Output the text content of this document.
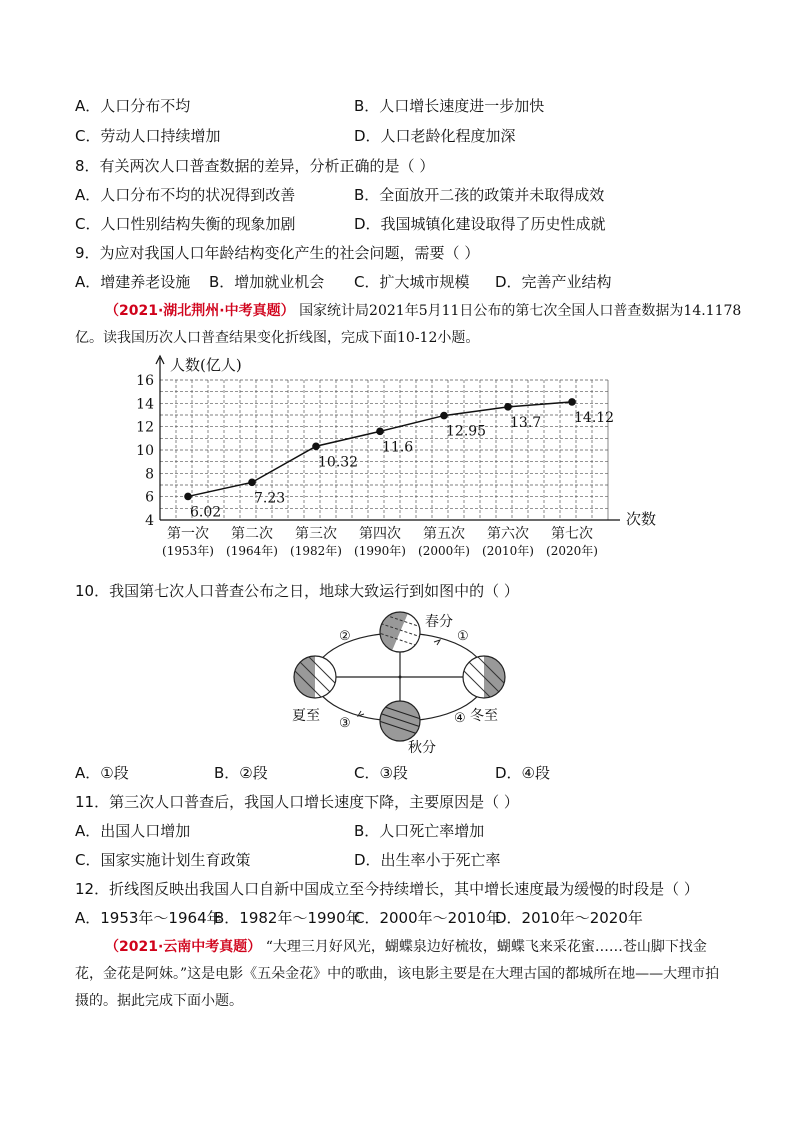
A．人口分布不均	B．人口增长速度进一步加快
C．劳动人口持续增加	D．人口老龄化程度加深
8．有关两次人口普查数据的差异，分析正确的是（ ）
A．人口分布不均的状况得到改善	B．全面放开二孩的政策并未取得成效
C．人口性别结构失衡的现象加剧	D．我国城镇化建设取得了历史性成就
9．为应对我国人口年龄结构变化产生的社会问题，需要（ ）
A．增建养老设施 B．增加就业机会 C．扩大城市规模 D．完善产业结构
（2021·湖北荆州·中考真题） 国家统计局2021年5月11日公布的第七次全国人口普查数据为14.1178
亿。读我国历次人口普查结果变化折线图，完成下面10-12小题。
人数(亿人)
次数
4
6
8
10
12
14
16
第一次
(1953年)
第二次
(1964年)
第三次
(1982年)
第四次
(1990年)
第五次
(2000年)
第六次
(2010年)
第七次
(2020年)
6.02
7.23
10.32
11.6
12.95
13.7 14.12
10．我国第七次人口普查公布之日，地球大致运行到如图中的（ ）
春分
夏至
秋分
冬至
①
②
③	④
A．①段	B．②段	C．③段	D．④段
11．第三次人口普查后，我国人口增长速度下降，主要原因是（ ）
A．出国人口增加	B．人口死亡率增加
C．国家实施计划生育政策	D．出生率小于死亡率
12．折线图反映出我国人口自新中国成立至今持续增长，其中增长速度最为缓慢的时段是（ ）
A．1953年～1964年
B．1982年～1990年
C．2000年～2010年
D．2010年～2020年
（2021·云南中考真题） “大理三月好风光，蝴蝶泉边好梳妆，蝴蝶飞来采花蜜……苍山脚下找金花，金花是阿妹。”这是电影《五朵金花》中的歌曲，该电影主要是在大理古国的都城所在地——大理市拍摄的。据此完成下面小题。
